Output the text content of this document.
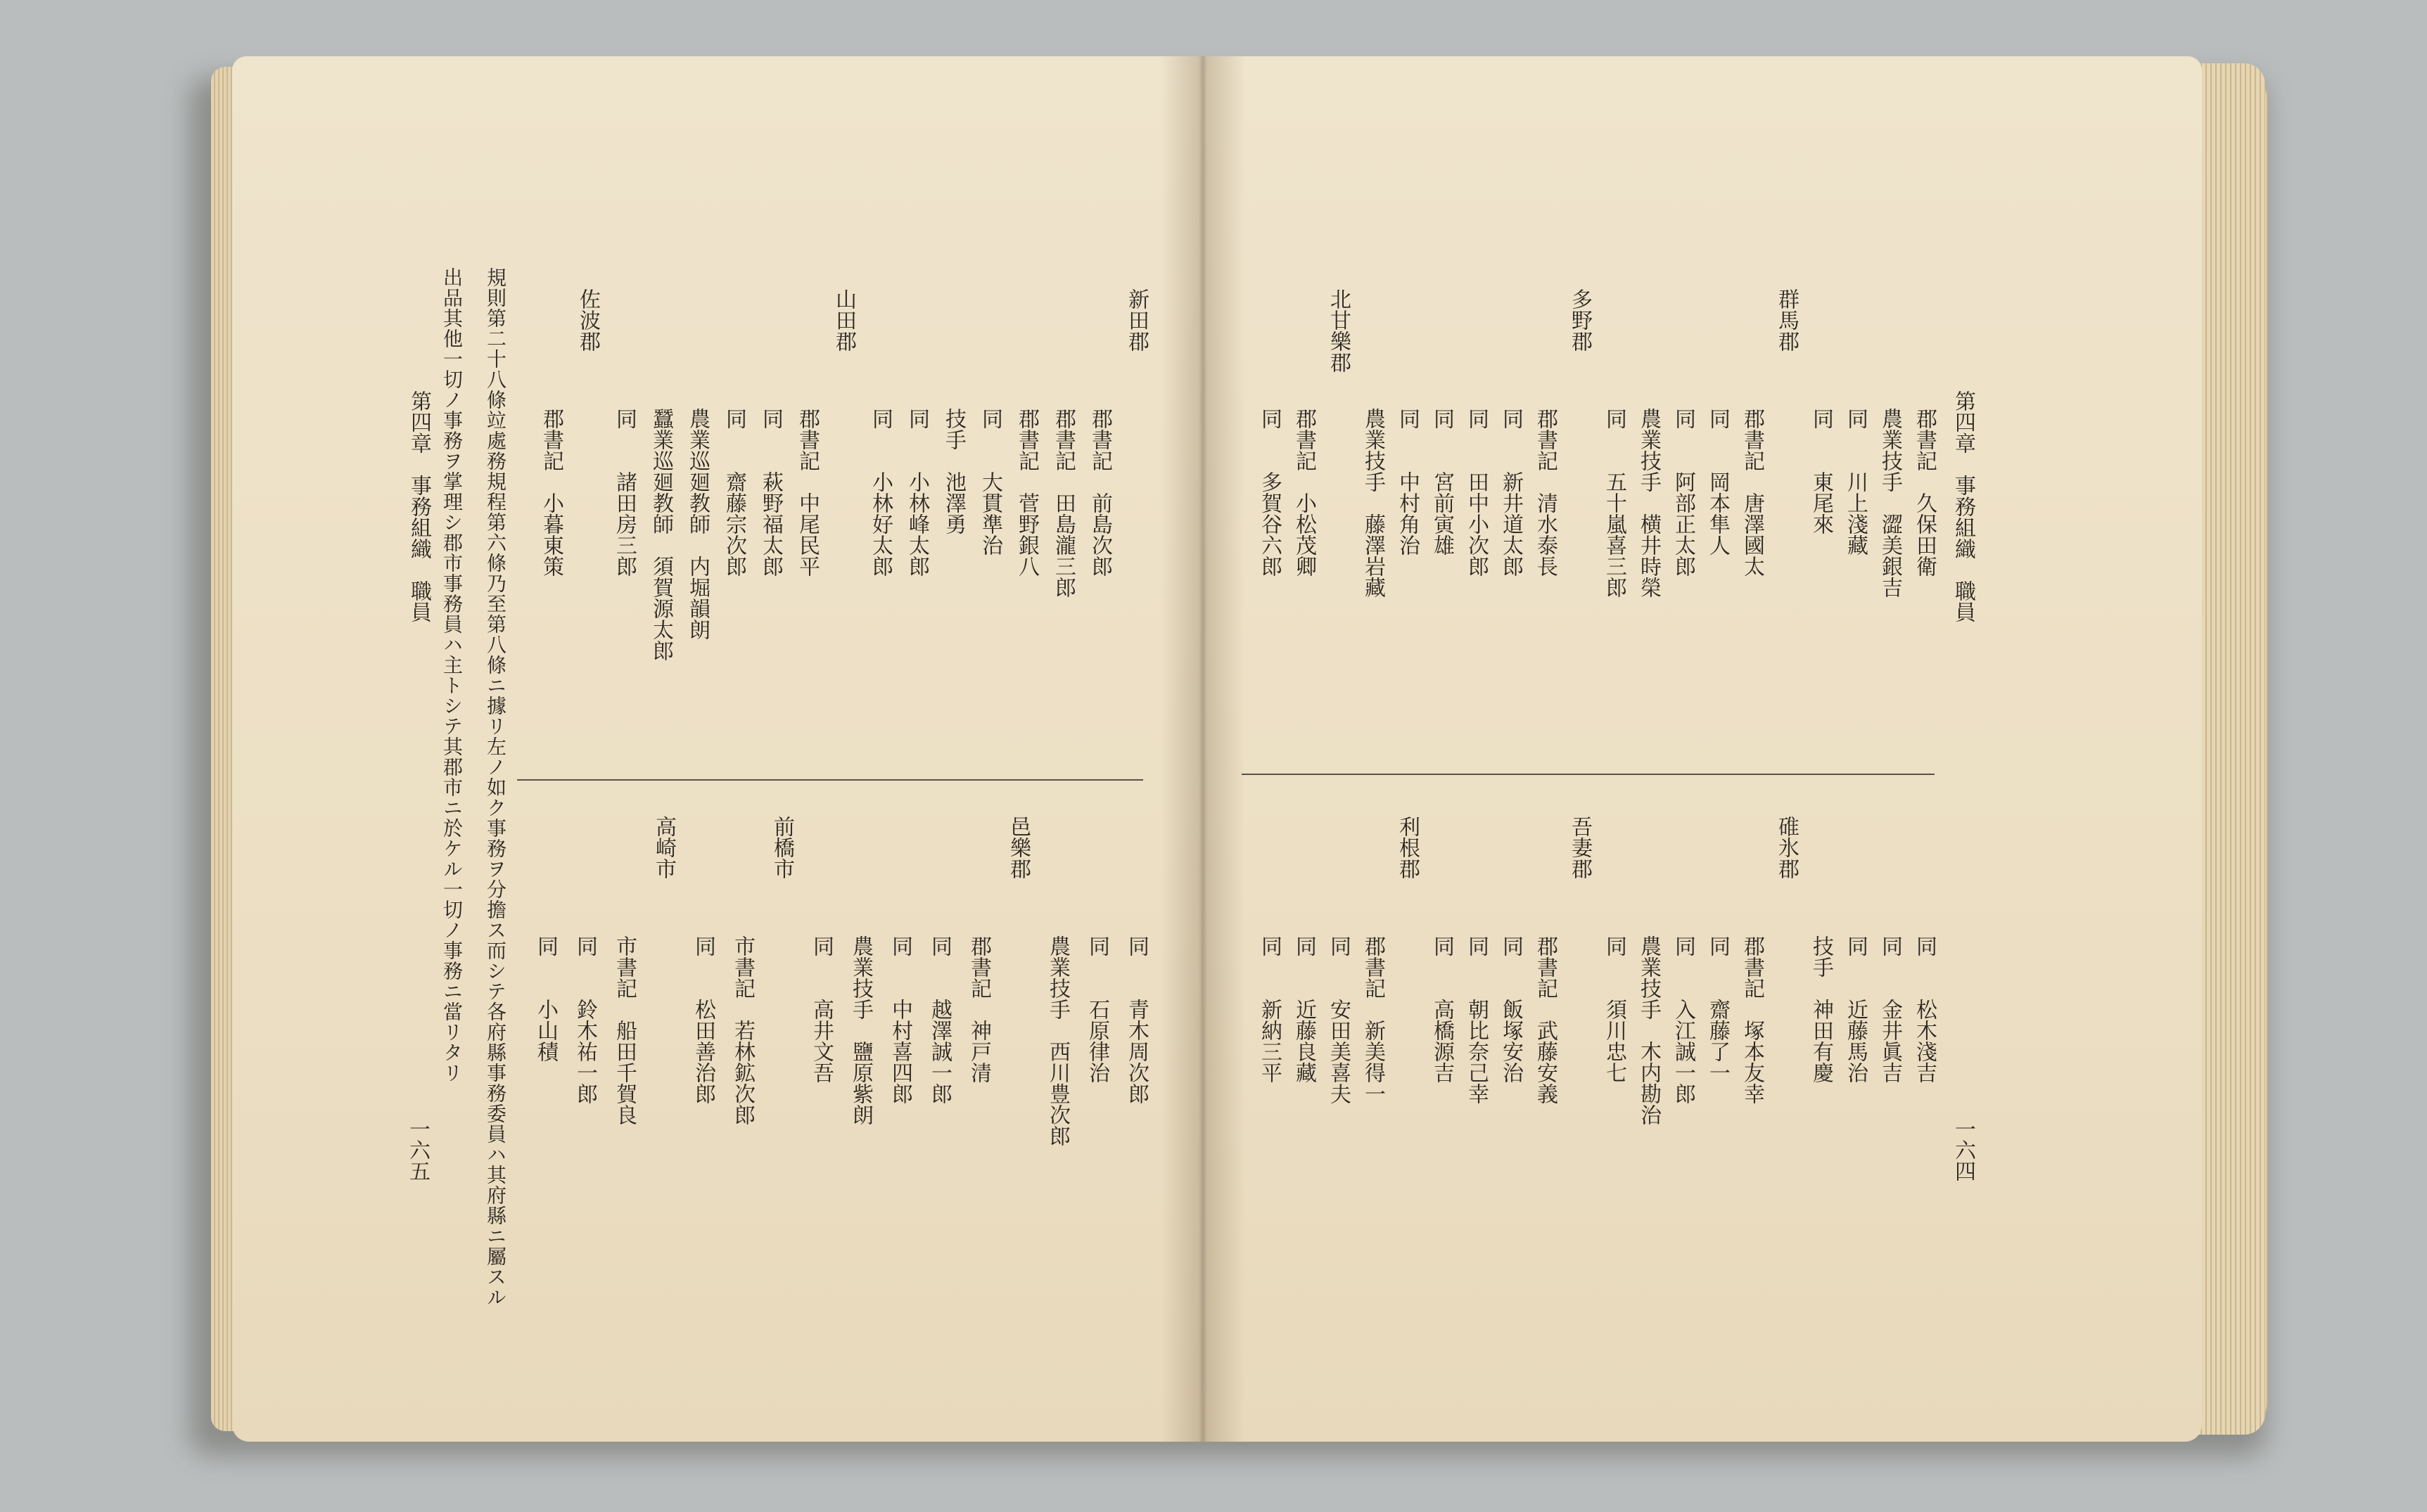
第四章　事務組織　職員
一六五	規則第二十八條竝處務規程第六條乃至第八條ニ據リ左ノ如ク事務ヲ分擔ス而シテ各府縣事務委員ハ其府縣ニ屬スル
出品其他一切ノ事務ヲ掌理シ郡市事務員ハ主トシテ其郡市ニ於ケル一切ノ事務ニ當リタリ	新田郡
郡書記　前島次郎
郡書記　田島瀧三郎
郡書記　菅野銀八
同　　大貫準治
技手　池澤勇
同　　小林峰太郎
同　　小林好太郎
山田郡
郡書記　中尾民平
同　　萩野福太郎
同　　齋藤宗次郎
農業巡廻教師　内堀韻朗
蠶業巡廻教師　須賀源太郎
同　　諸田房三郎
佐波郡
郡書記　小暮東策
同　　青木周次郎
同　　石原律治
農業技手　西川豊次郎
邑樂郡
郡書記　神戸清
同　　越澤誠一郎
同　　中村喜四郎
農業技手　鹽原紫朗
同　　高井文吾
前橋市
市書記　若林鉱次郎
同　　松田善治郎
高崎市
市書記　船田千賀良
同　　鈴木祐一郎
同　　小山積
第四章　事務組織　職員
一六四
郡書記　久保田衛
農業技手　澀美銀吉
同　　川上淺藏
同　　東尾來
群馬郡
郡書記　唐澤國太
同　　岡本隼人
同　　阿部正太郎
農業技手　横井時榮
同　　五十嵐喜三郎
多野郡
郡書記　清水泰長
同　　新井道太郎
同　　田中小次郎
同　　宮前寅雄
同　　中村角治
農業技手　藤澤岩藏
北甘樂郡
郡書記　小松茂卿
同　　多賀谷六郎
同　　松木淺吉
同　　金井眞吉
同　　近藤馬治
技手　神田有慶
碓氷郡
郡書記　塚本友幸
同　　齋藤了一
同　　入江誠一郎
農業技手　木内勘治
同　　須川忠七
吾妻郡
郡書記　武藤安義
同　　飯塚安治
同　　朝比奈己幸
同　　高橋源吉
利根郡
郡書記　新美得一
同　　安田美喜夫
同　　近藤良藏
同　　新納三平
